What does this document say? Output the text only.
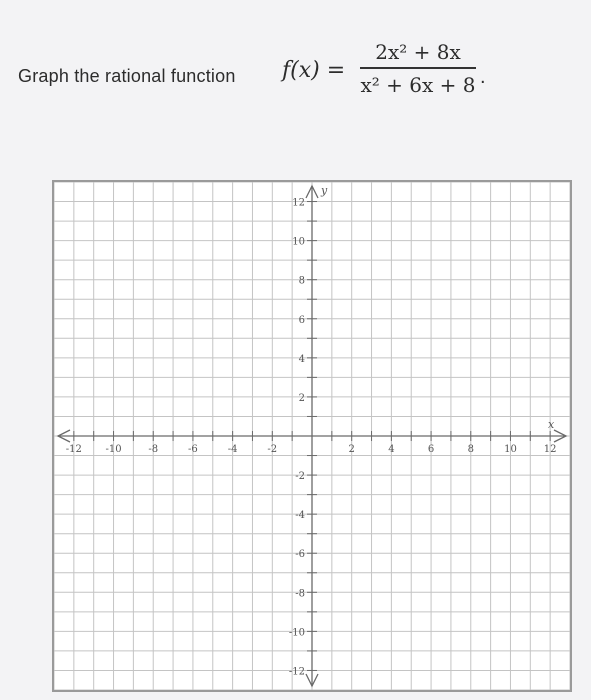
Graph the rational function f(x) =
2x² + 8x
x² + 6x + 8 .
-12 -10	-8	-6	-4	-2	2	4	6	8	10	12
12
10
8
6
4
2
-2
-4
-6
-8
-10
-12
x
y
